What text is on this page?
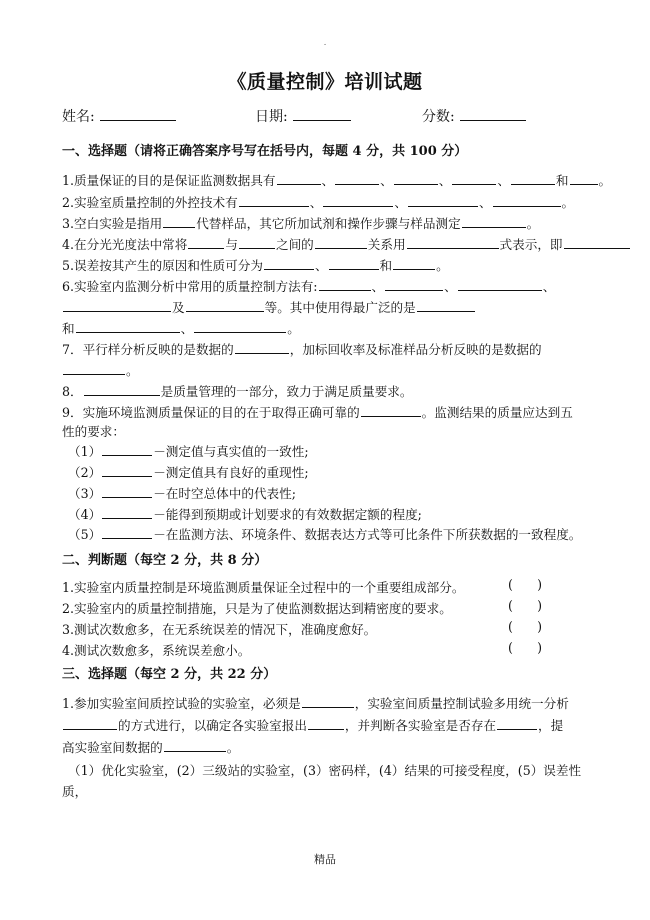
.
《质量控制》培训试题
姓名:	日期:	分数:
一、选择题（请将正确答案序号写在括号内，每题 4 分，共 100 分）
1.质量保证的目的是保证监测数据具有	、	、	、	、	和 。
2.实验室质量控制的外控技术有	、	、	、	。
3.空白实验是指用	代替样品，其它所加试剂和操作步骤与样品测定	。
4.在分光光度法中常将	与	之间的	关系用	式表示，即
5.误差按其产生的原因和性质可分为	、	和	。
6.实验室内监测分析中常用的质量控制方法有:	、	、	、
及	等。其中使用得最广泛的是
和	、	。
7．平行样分析反映的是数据的	，加标回收率及标准样品分析反映的是数据的
。
8．	是质量管理的一部分，致力于满足质量要求。
9．实施环境监测质量保证的目的在于取得正确可靠的	。监测结果的质量应达到五
性的要求：
（1）	－测定值与真实值的一致性;
（2）	－测定值具有良好的重现性;
（3）	－在时空总体中的代表性;
（4）	－能得到预期或计划要求的有效数据定额的程度;
（5）	－在监测方法、环境条件、数据表达方式等可比条件下所获数据的一致程度。
二、判断题（每空 2 分，共 8 分）
1.实验室内质量控制是环境监测质量保证全过程中的一个重要组成部分。	( )
2.实验室内的质量控制措施，只是为了使监测数据达到精密度的要求。	( )
3.测试次数愈多，在无系统误差的情况下，准确度愈好。	( )
4.测试次数愈多，系统误差愈小。	( )
三、选择题（每空 2 分，共 22 分）
1.参加实验室间质控试验的实验室，必须是	，实验室间质量控制试验多用统一分析
的方式进行，以确定各实验室报出	，并判断各实验室是否存在	，提
高实验室间数据的	。
（1）优化实验室，(2）三级站的实验室，(3）密码样，(4）结果的可接受程度，(5）误差性
质，
精品
